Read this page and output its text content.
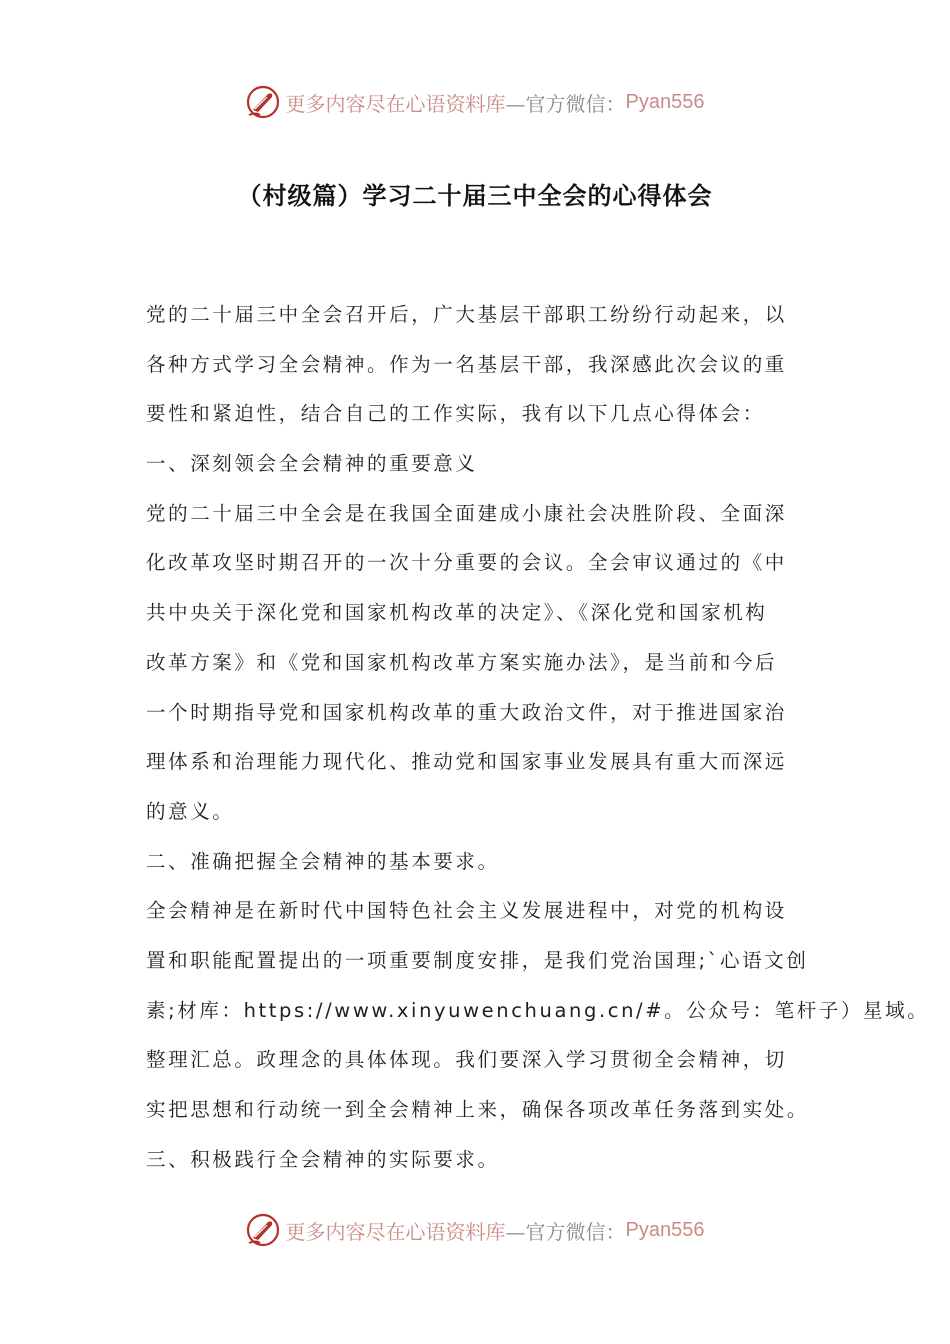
更多内容尽在心语资料库 —官方微信： Pyan556
（村级篇）学习二十届三中全会的心得体会
党的二十届三中全会召开后，广大基层干部职工纷纷行动起来，以
各种方式学习全会精神。作为一名基层干部，我深感此次会议的重
要性和紧迫性，结合自己的工作实际，我有以下几点心得体会：
一、深刻领会全会精神的重要意义
党的二十届三中全会是在我国全面建成小康社会决胜阶段、全面深
化改革攻坚时期召开的一次十分重要的会议。全会审议通过的《中
共中央关于深化党和国家机构改革的决定》、《深化党和国家机构
改革方案》和《党和国家机构改革方案实施办法》，是当前和今后
一个时期指导党和国家机构改革的重大政治文件，对于推进国家治
理体系和治理能力现代化、推动党和国家事业发展具有重大而深远
的意义。
二、准确把握全会精神的基本要求。
全会精神是在新时代中国特色社会主义发展进程中，对党的机构设
置和职能配置提出的一项重要制度安排，是我们党治国理;`心语文创
素;材库：https://www.xinyuwenchuang.cn/#。公众号：笔杆子）星域。
整理汇总。政理念的具体体现。我们要深入学习贯彻全会精神，切
实把思想和行动统一到全会精神上来，确保各项改革任务落到实处。
三、积极践行全会精神的实际要求。
更多内容尽在心语资料库 —官方微信： Pyan556
